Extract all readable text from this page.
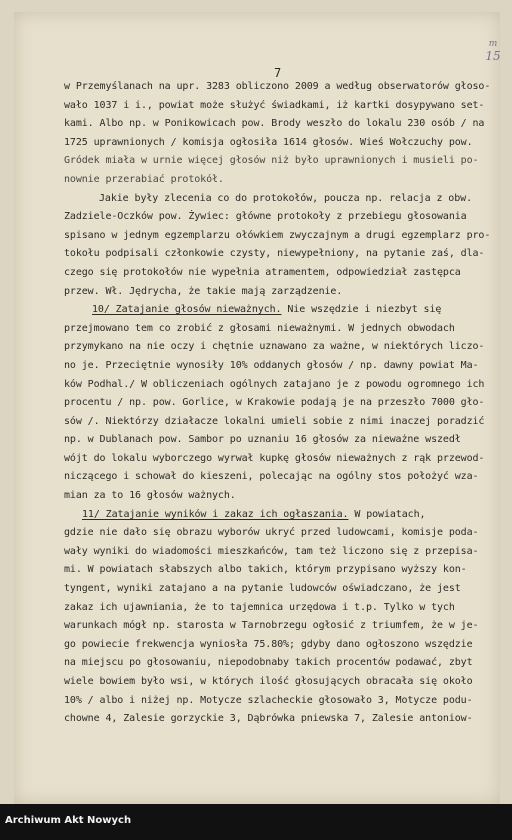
7
m
15
w Przemyślanach na upr. 3283 obliczono 2009 a według obserwatorów głoso-
wało 1037 i i., powiat może służyć świadkami, iż kartki dosypywano set-
kami. Albo np. w Ponikowicach pow. Brody weszło do lokalu 230 osób / na
1725 uprawnionych / komisja ogłosiła 1614 głosów. Wieś Wołczuchy pow.
Gródek miała w urnie więcej głosów niż było uprawnionych i musieli po-
nownie przerabiać protokół.
Jakie były zlecenia co do protokołów, poucza np. relacja z obw.
Zadziele-Oczków pow. Żywiec: główne protokoły z przebiegu głosowania
spisano w jednym egzemplarzu ołówkiem zwyczajnym a drugi egzemplarz pro-
tokołu podpisali członkowie czysty, niewypełniony, na pytanie zaś, dla-
czego się protokołów nie wypełnia atramentem, odpowiedział zastępca
przew. Wł. Jędrycha, że takie mają zarządzenie.
10/ Zatajanie głosów nieważnych. Nie wszędzie i niezbyt się
przejmowano tem co zrobić z głosami nieważnymi. W jednych obwodach
przymykano na nie oczy i chętnie uznawano za ważne, w niektórych liczo-
no je. Przeciętnie wynosiły 10% oddanych głosów / np. dawny powiat Ma-
ków Podhal./ W obliczeniach ogólnych zatajano je z powodu ogromnego ich
procentu / np. pow. Gorlice, w Krakowie podają je na przeszło 7000 gło-
sów /. Niektórzy działacze lokalni umieli sobie z nimi inaczej poradzić
np. w Dublanach pow. Sambor po uznaniu 16 głosów za nieważne wszedł
wójt do lokalu wyborczego wyrwał kupkę głosów nieważnych z rąk przewod-
niczącego i schował do kieszeni, polecając na ogólny stos położyć wza-
mian za to 16 głosów ważnych.
11/ Zatajanie wyników i zakaz ich ogłaszania. W powiatach,
gdzie nie dało się obrazu wyborów ukryć przed ludowcami, komisje poda-
wały wyniki do wiadomości mieszkańców, tam też liczono się z przepisa-
mi. W powiatach słabszych albo takich, którym przypisano wyższy kon-
tyngent, wyniki zatajano a na pytanie ludowców oświadczano, że jest
zakaz ich ujawniania, że to tajemnica urzędowa i t.p. Tylko w tych
warunkach mógł np. starosta w Tarnobrzegu ogłosić z triumfem, że w je-
go powiecie frekwencja wyniosła 75.80%; gdyby dano ogłoszono wszędzie
na miejscu po głosowaniu, niepodobnaby takich procentów podawać, zbyt
wiele bowiem było wsi, w których ilość głosujących obracała się około
10% / albo i niżej np. Motycze szlacheckie głosowało 3, Motycze podu-
chowne 4, Zalesie gorzyckie 3, Dąbrówka pniewska 7, Zalesie antoniow-
Archiwum Akt Nowych
